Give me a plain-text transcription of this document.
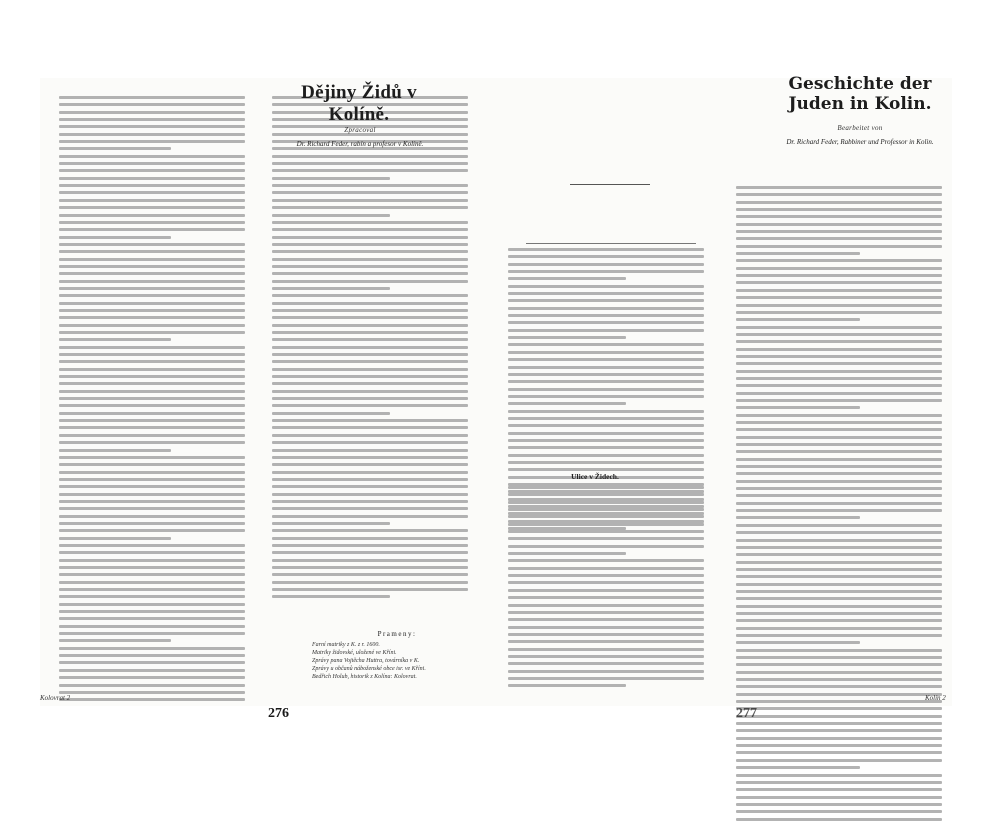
Prameny:
Farní matriky z K. z r. 1600.
Matriky židovské, uložené ve Kříni.
Zprávy pana Vojtěcha Huttra, továrníka v K.
Zprávy u občanů náboženské obce isr. ve Kříni.
Bedřich Holub, historik z Kolína: Kolovrat.
Kolovrat 2
276
Kolín 2
Dějiny Židů v Kolíně.
Zpracoval
Dr. Richard Feder, rabín a profesor v Kolíně.
Geschichte der Juden in Kolin.
Bearbeitet von
Dr. Richard Feder, Rabbiner und Professor in Kolin.
Ulice v Židech.
277
